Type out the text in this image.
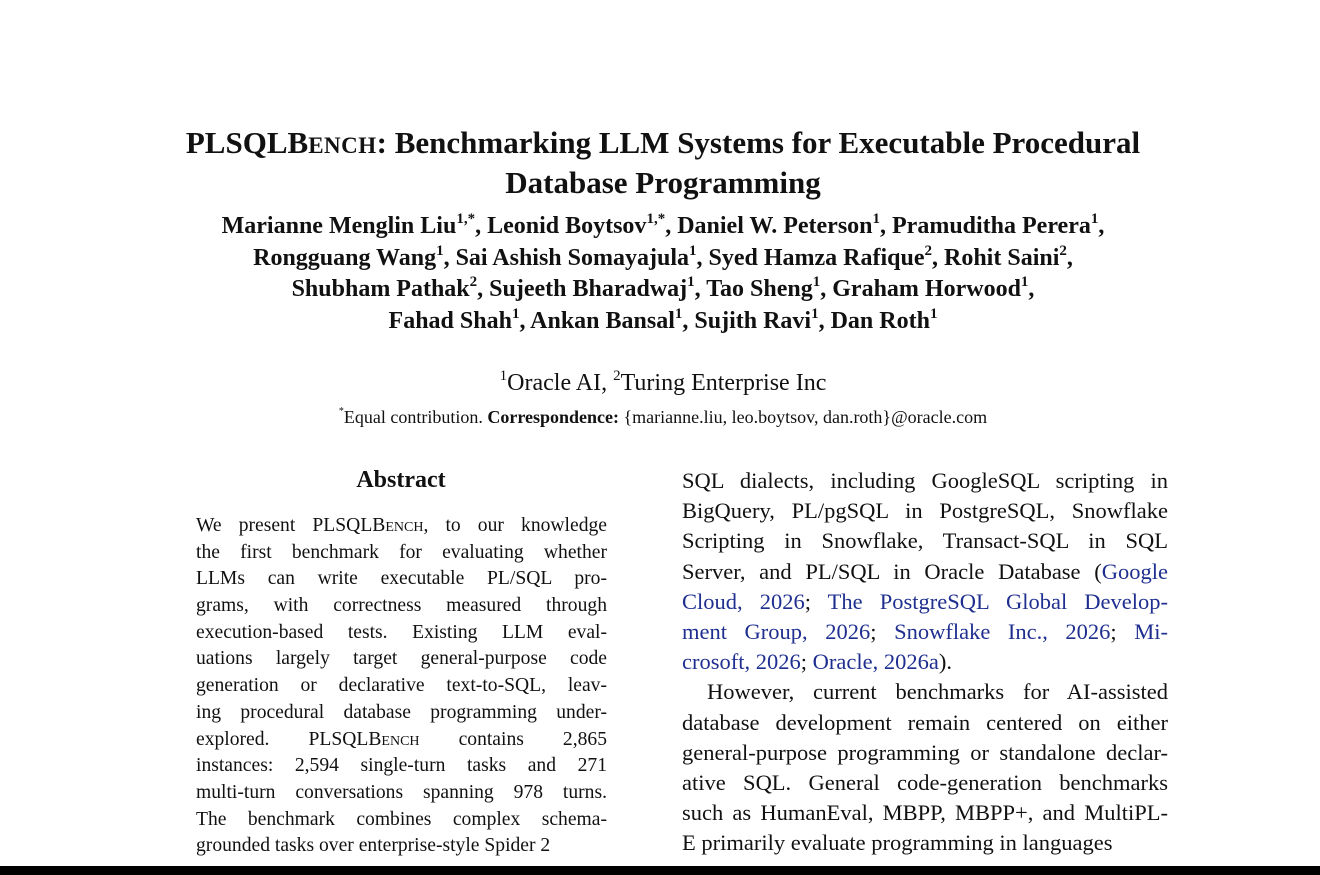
PLSQLBENCH: Benchmarking LLM Systems for Executable Procedural
Database Programming
Marianne Menglin Liu$^{1,*}$, Leonid Boytsov$^{1,*}$, Daniel W. Peterson$^1$, Pramuditha Perera$^1$,
Rongguang Wang$^1$, Sai Ashish Somayajula$^1$, Syed Hamza Rafique$^2$, Rohit Saini$^2$,
Shubham Pathak$^2$, Sujeeth Bharadwaj$^1$, Tao Sheng$^1$, Graham Horwood$^1$,
Fahad Shah$^1$, Ankan Bansal$^1$, Sujith Ravi$^1$, Dan Roth$^1$
$^1$Oracle AI, $^2$Turing Enterprise Inc
*Equal contribution. Correspondence: {marianne.liu, leo.boytsov, dan.roth}@oracle.com
Abstract
We present PLSQLBench, to our knowledge
the first benchmark for evaluating whether
LLMs can write executable PL/SQL pro-
grams, with correctness measured through
execution-based tests. Existing LLM eval-
uations largely target general-purpose code
generation or declarative text-to-SQL, leav-
ing procedural database programming under-
explored. PLSQLBench contains 2,865
instances: 2,594 single-turn tasks and 271
multi-turn conversations spanning 978 turns.
The benchmark combines complex schema-
grounded tasks over enterprise-style Spider 2
SQL dialects, including GoogleSQL scripting in
BigQuery, PL/pgSQL in PostgreSQL, Snowflake
Scripting in Snowflake, Transact-SQL in SQL
Server, and PL/SQL in Oracle Database (Google
Cloud, 2026; The PostgreSQL Global Develop-
ment Group, 2026; Snowflake Inc., 2026; Mi-
crosoft, 2026; Oracle, 2026a).
However, current benchmarks for AI-assisted
database development remain centered on either
general-purpose programming or standalone declar-
ative SQL. General code-generation benchmarks
such as HumanEval, MBPP, MBPP+, and MultiPL-
E primarily evaluate programming in languages
